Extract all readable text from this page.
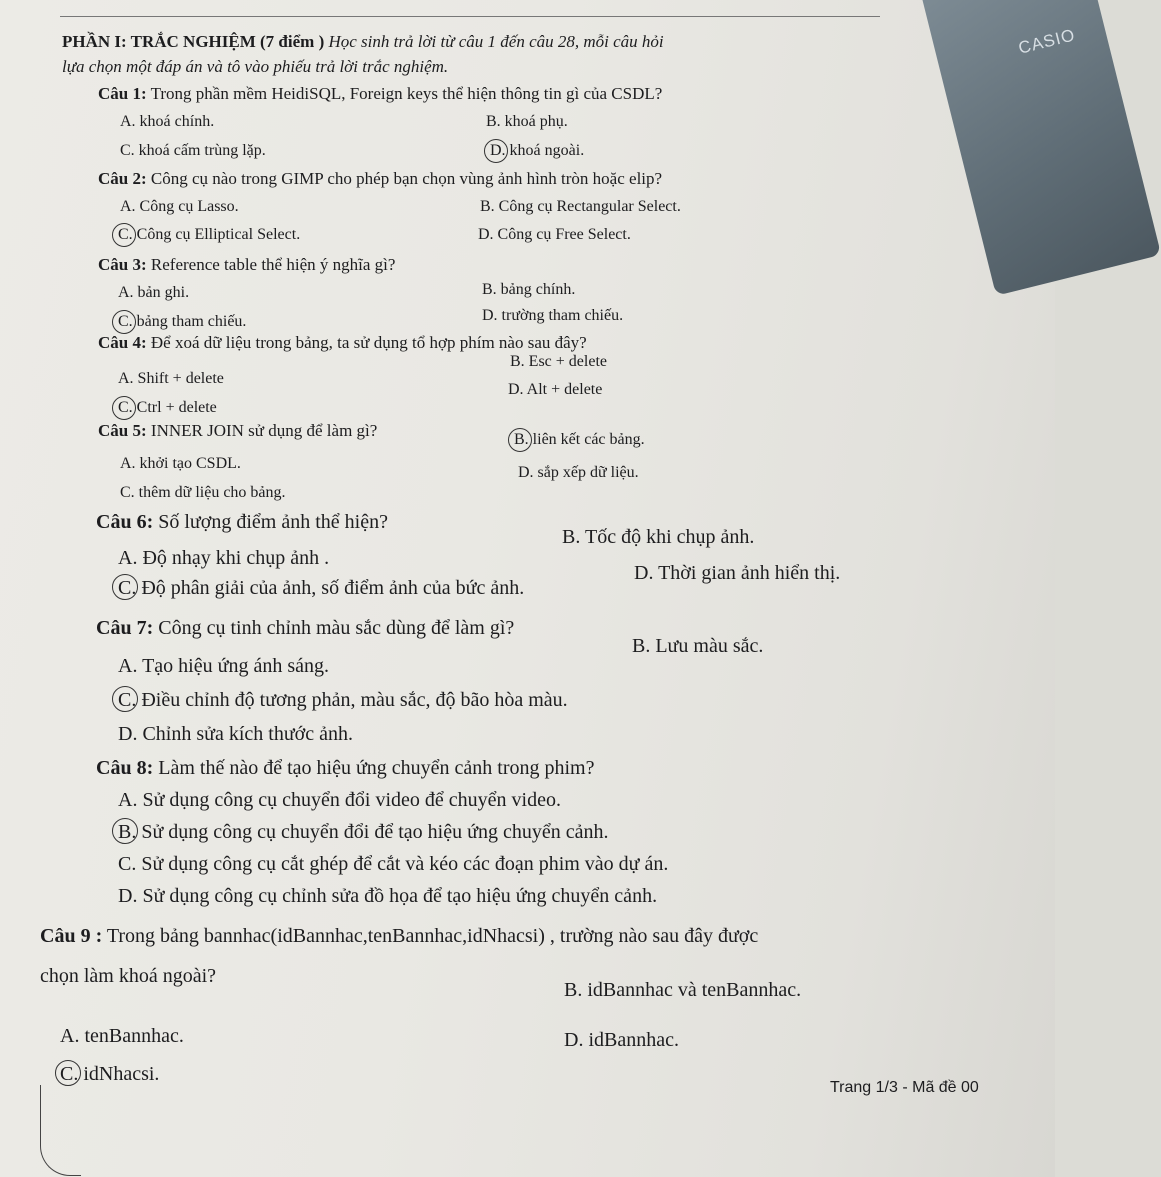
CASIO
PHẦN I: TRẮC NGHIỆM (7 điểm ) Học sinh trả lời từ câu 1 đến câu 28, mỗi câu hỏi
lựa chọn một đáp án và tô vào phiếu trả lời trắc nghiệm.
Câu 1: Trong phần mềm HeidiSQL, Foreign keys thể hiện thông tin gì của CSDL?
A. khoá chính.	B. khoá phụ.
C. khoá cấm trùng lặp.	D. khoá ngoài.
Câu 2: Công cụ nào trong GIMP cho phép bạn chọn vùng ảnh hình tròn hoặc elip?
A. Công cụ Lasso.	B. Công cụ Rectangular Select.
C. Công cụ Elliptical Select.	D. Công cụ Free Select.
Câu 3: Reference table thể hiện ý nghĩa gì?
A. bản ghi.	B. bảng chính.
C. bảng tham chiếu.	D. trường tham chiếu.
Câu 4: Để xoá dữ liệu trong bảng, ta sử dụng tổ hợp phím nào sau đây?
A. Shift + delete
B. Esc + delete
C. Ctrl + delete
D. Alt + delete
Câu 5: INNER JOIN sử dụng để làm gì?
A. khởi tạo CSDL.
B. liên kết các bảng.
C. thêm dữ liệu cho bảng.
D. sắp xếp dữ liệu.
Câu 6: Số lượng điểm ảnh thể hiện?
A. Độ nhạy khi chụp ảnh .
B. Tốc độ khi chụp ảnh.
C. Độ phân giải của ảnh, số điểm ảnh của bức ảnh.
D. Thời gian ảnh hiển thị.
Câu 7: Công cụ tinh chỉnh màu sắc dùng để làm gì?
A. Tạo hiệu ứng ánh sáng.
B. Lưu màu sắc.
C. Điều chỉnh độ tương phản, màu sắc, độ bão hòa màu.
D. Chỉnh sửa kích thước ảnh.
Câu 8: Làm thế nào để tạo hiệu ứng chuyển cảnh trong phim?
A. Sử dụng công cụ chuyển đổi video để chuyển video.
B. Sử dụng công cụ chuyển đổi để tạo hiệu ứng chuyển cảnh.
C. Sử dụng công cụ cắt ghép để cắt và kéo các đoạn phim vào dự án.
D. Sử dụng công cụ chỉnh sửa đồ họa để tạo hiệu ứng chuyển cảnh.
Câu 9 : Trong bảng bannhac(idBannhac,tenBannhac,idNhacsi) , trường nào sau đây được
chọn làm khoá ngoài?
A. tenBannhac.
B. idBannhac và tenBannhac.
C. idNhacsi.
D. idBannhac.
Trang 1/3 - Mã đề 00
